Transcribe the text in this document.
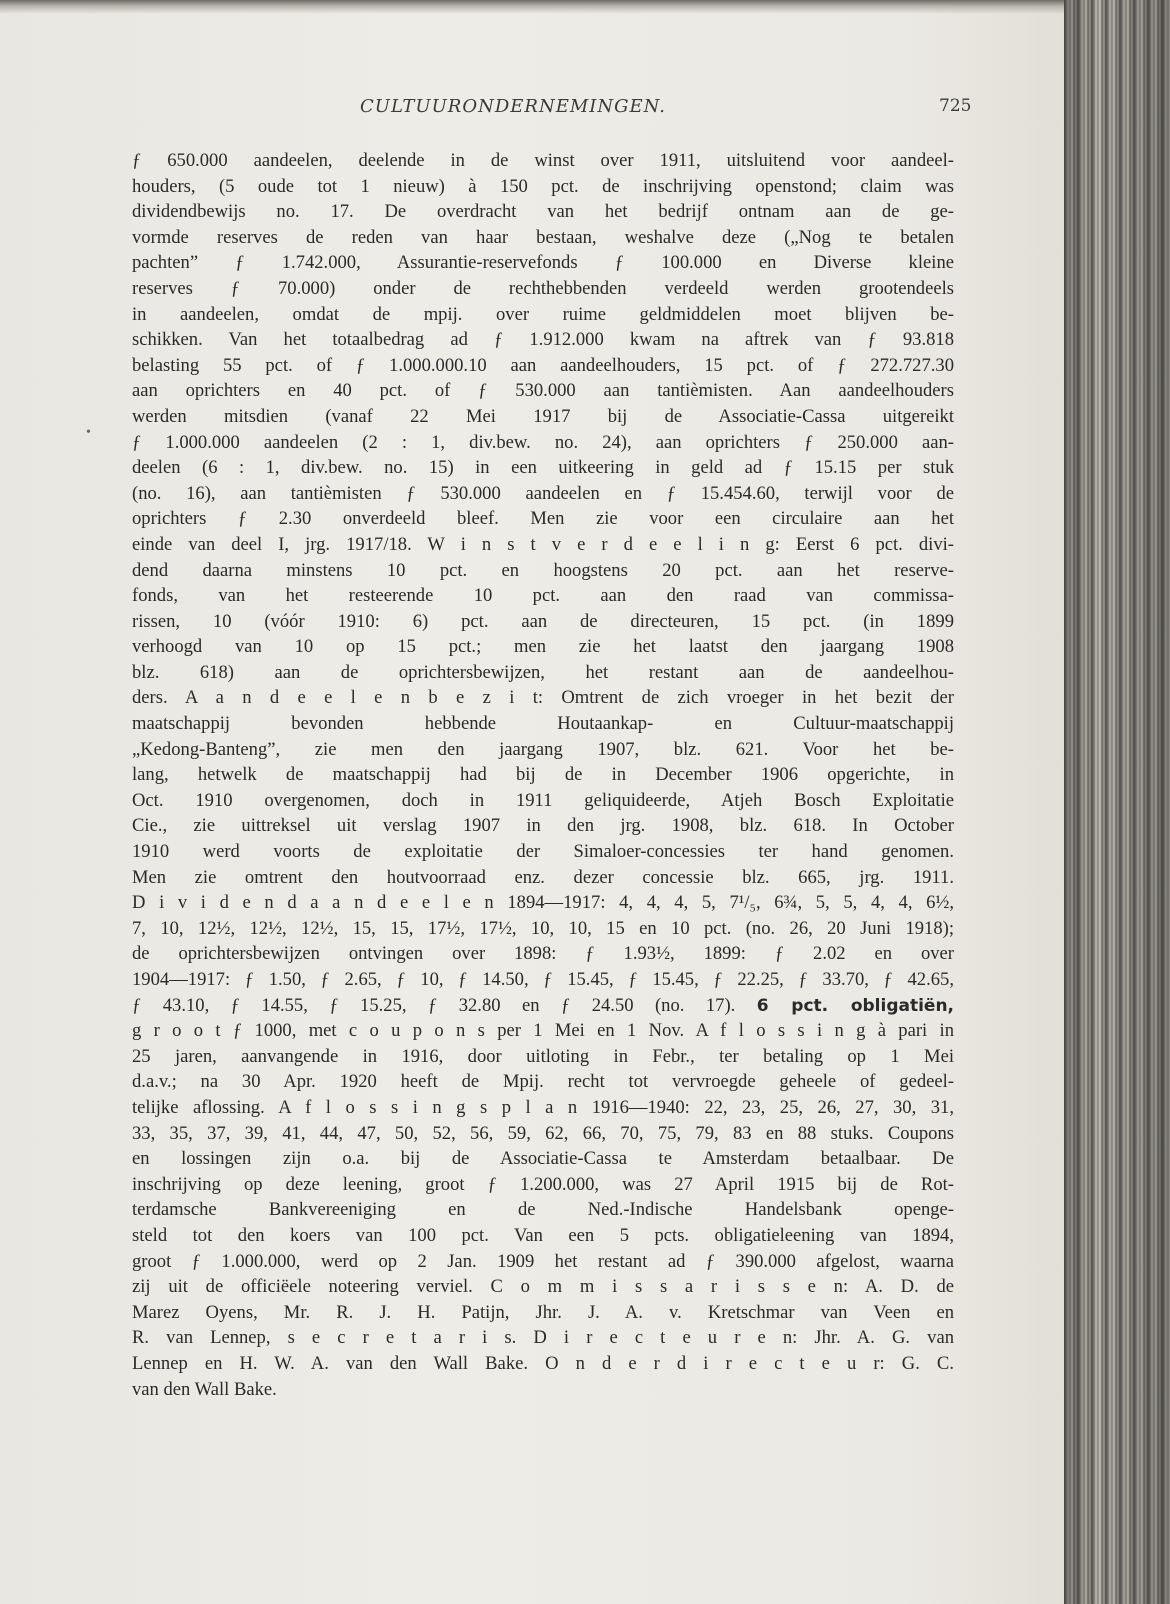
CULTUURONDERNEMINGEN.	725
•
ƒ 650.000 aandeelen, deelende in de winst over 1911, uitsluitend voor aandeel-
houders, (5 oude tot 1 nieuw) à 150 pct. de inschrijving openstond; claim was
dividendbewijs no. 17. De overdracht van het bedrijf ontnam aan de ge-
vormde reserves de reden van haar bestaan, weshalve deze („Nog te betalen
pachten” ƒ 1.742.000, Assurantie-reservefonds ƒ 100.000 en Diverse kleine
reserves ƒ 70.000) onder de rechthebbenden verdeeld werden grootendeels
in aandeelen, omdat de mpij. over ruime geldmiddelen moet blijven be-
schikken. Van het totaalbedrag ad ƒ 1.912.000 kwam na aftrek van ƒ 93.818
belasting 55 pct. of ƒ 1.000.000.10 aan aandeelhouders, 15 pct. of ƒ 272.727.30
aan oprichters en 40 pct. of ƒ 530.000 aan tantièmisten. Aan aandeelhouders
werden mitsdien (vanaf 22 Mei 1917 bij de Associatie-Cassa uitgereikt
ƒ 1.000.000 aandeelen (2 : 1, div.bew. no. 24), aan oprichters ƒ 250.000 aan-
deelen (6 : 1, div.bew. no. 15) in een uitkeering in geld ad ƒ 15.15 per stuk
(no. 16), aan tantièmisten ƒ 530.000 aandeelen en ƒ 15.454.60, terwijl voor de
oprichters ƒ 2.30 onverdeeld bleef. Men zie voor een circulaire aan het
einde van deel I, jrg. 1917/18. W i n s t v e r d e e l i n g: Eerst 6 pct. divi-
dend daarna minstens 10 pct. en hoogstens 20 pct. aan het reserve-
fonds, van het resteerende 10 pct. aan den raad van commissa-
rissen, 10 (vóór 1910: 6) pct. aan de directeuren, 15 pct. (in 1899
verhoogd van 10 op 15 pct.; men zie het laatst den jaargang 1908
blz. 618) aan de oprichtersbewijzen, het restant aan de aandeelhou-
ders. A a n d e e l e n b e z i t: Omtrent de zich vroeger in het bezit der
maatschappij bevonden hebbende Houtaankap- en Cultuur-maatschappij
„Kedong-Banteng”, zie men den jaargang 1907, blz. 621. Voor het be-
lang, hetwelk de maatschappij had bij de in December 1906 opgerichte, in
Oct. 1910 overgenomen, doch in 1911 geliquideerde, Atjeh Bosch Exploitatie
Cie., zie uittreksel uit verslag 1907 in den jrg. 1908, blz. 618. In October
1910 werd voorts de exploitatie der Simaloer-concessies ter hand genomen.
Men zie omtrent den houtvoorraad enz. dezer concessie blz. 665, jrg. 1911.
D i v i d e n d a a n d e e l e n 1894—1917: 4, 4, 4, 5, 7¹/₅, 6¾, 5, 5, 4, 4, 6½,
7, 10, 12½, 12½, 12½, 15, 15, 17½, 17½, 10, 10, 15 en 10 pct. (no. 26, 20 Juni 1918);
de oprichtersbewijzen ontvingen over 1898: ƒ 1.93½, 1899: ƒ 2.02 en over
1904—1917: ƒ 1.50, ƒ 2.65, ƒ 10, ƒ 14.50, ƒ 15.45, ƒ 15.45, ƒ 22.25, ƒ 33.70, ƒ 42.65,
ƒ 43.10, ƒ 14.55, ƒ 15.25, ƒ 32.80 en ƒ 24.50 (no. 17). 6 pct. obligatiën,
g r o o t ƒ 1000, met c o u p o n s per 1 Mei en 1 Nov. A f l o s s i n g à pari in
25 jaren, aanvangende in 1916, door uitloting in Febr., ter betaling op 1 Mei
d.a.v.; na 30 Apr. 1920 heeft de Mpij. recht tot vervroegde geheele of gedeel-
telijke aflossing. A f l o s s i n g s p l a n 1916—1940: 22, 23, 25, 26, 27, 30, 31,
33, 35, 37, 39, 41, 44, 47, 50, 52, 56, 59, 62, 66, 70, 75, 79, 83 en 88 stuks. Coupons
en lossingen zijn o.a. bij de Associatie-Cassa te Amsterdam betaalbaar. De
inschrijving op deze leening, groot ƒ 1.200.000, was 27 April 1915 bij de Rot-
terdamsche Bankvereeniging en de Ned.-Indische Handelsbank openge-
steld tot den koers van 100 pct. Van een 5 pcts. obligatieleening van 1894,
groot ƒ 1.000.000, werd op 2 Jan. 1909 het restant ad ƒ 390.000 afgelost, waarna
zij uit de officiëele noteering verviel. C o m m i s s a r i s s e n: A. D. de
Marez Oyens, Mr. R. J. H. Patijn, Jhr. J. A. v. Kretschmar van Veen en
R. van Lennep, s e c r e t a r i s. D i r e c t e u r e n: Jhr. A. G. van
Lennep en H. W. A. van den Wall Bake. O n d e r d i r e c t e u r: G. C.
van den Wall Bake.
